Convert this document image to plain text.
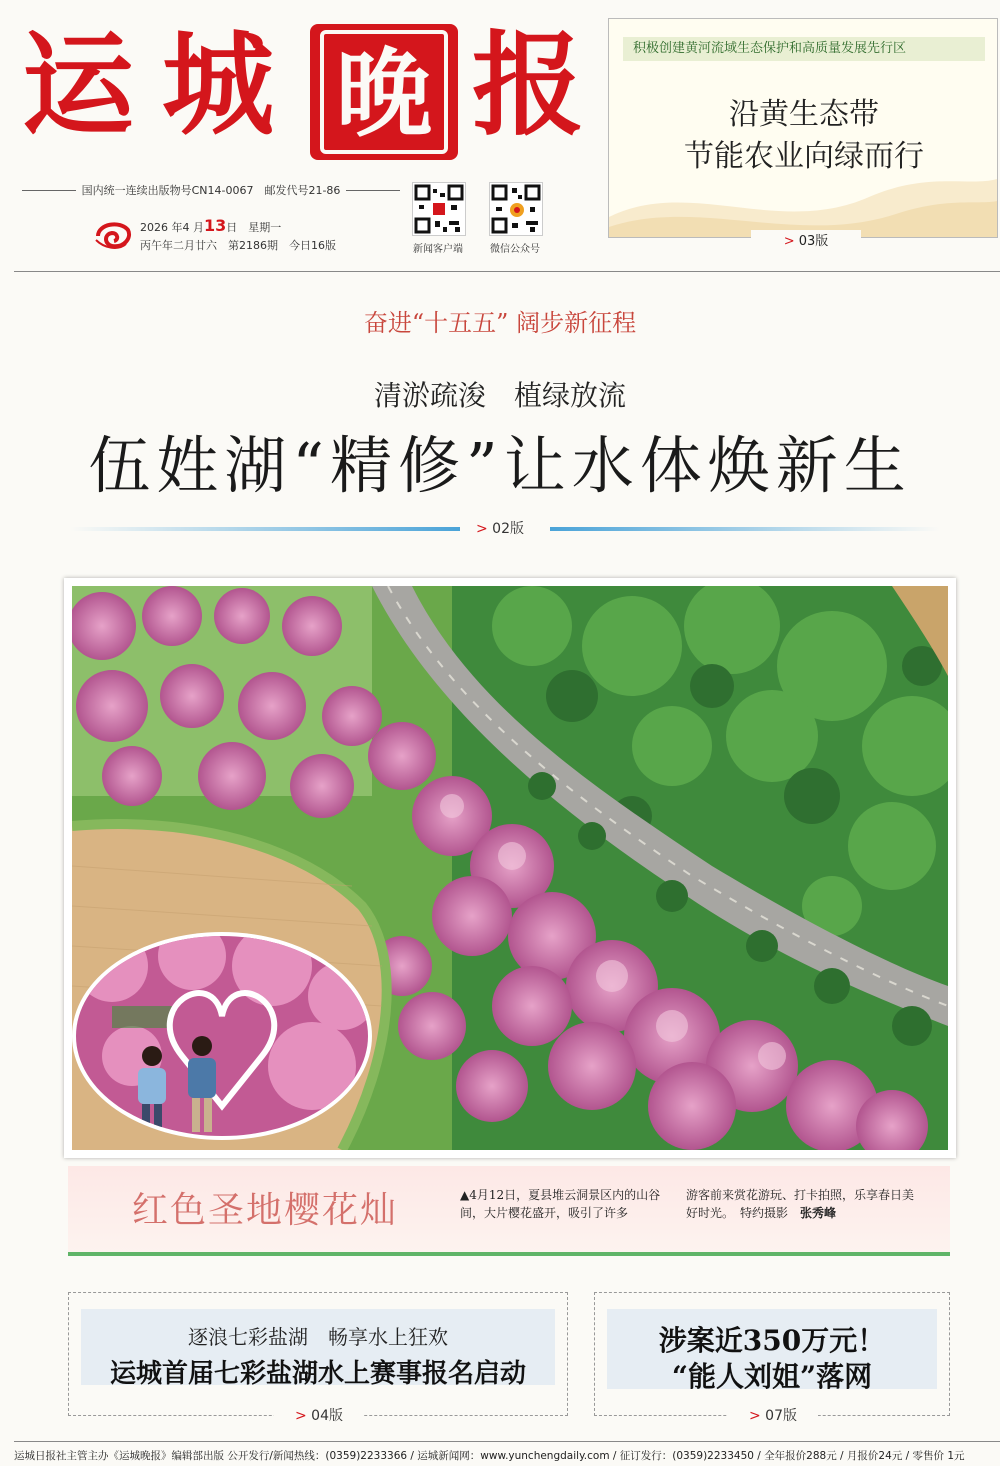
运 城 晚 报
国内统一连续出版物号CN14-0067　邮发代号21-86
2026 年4 月13日　星期一
丙午年二月廿六　第2186期　今日16版	新闻客户端	微信公众号
积极创建黄河流域生态保护和高质量发展先行区
沿黄生态带
节能农业向绿而行
> 03版
奋进“十五五” 阔步新征程
清淤疏浚　植绿放流
伍姓湖“精修”让水体焕新生
> 02版
红色圣地樱花灿	▲4月12日，夏县堆云洞景区内的山谷间，大片樱花盛开，吸引了许多
游客前来赏花游玩、打卡拍照，乐享春日美好时光。　特约摄影　 张秀峰
逐浪七彩盐湖　畅享水上狂欢
运城首届七彩盐湖水上赛事报名启动
> 04版
涉案近350万元！
“能人刘姐”落网
> 07版
运城日报社主管主办《运城晚报》编辑部出版 公开发行/新闻热线：(0359)2233366 / 运城新闻网：www.yunchengdaily.com / 征订发行：(0359)2233450 / 全年报价288元 / 月报价24元 / 零售价 1元
